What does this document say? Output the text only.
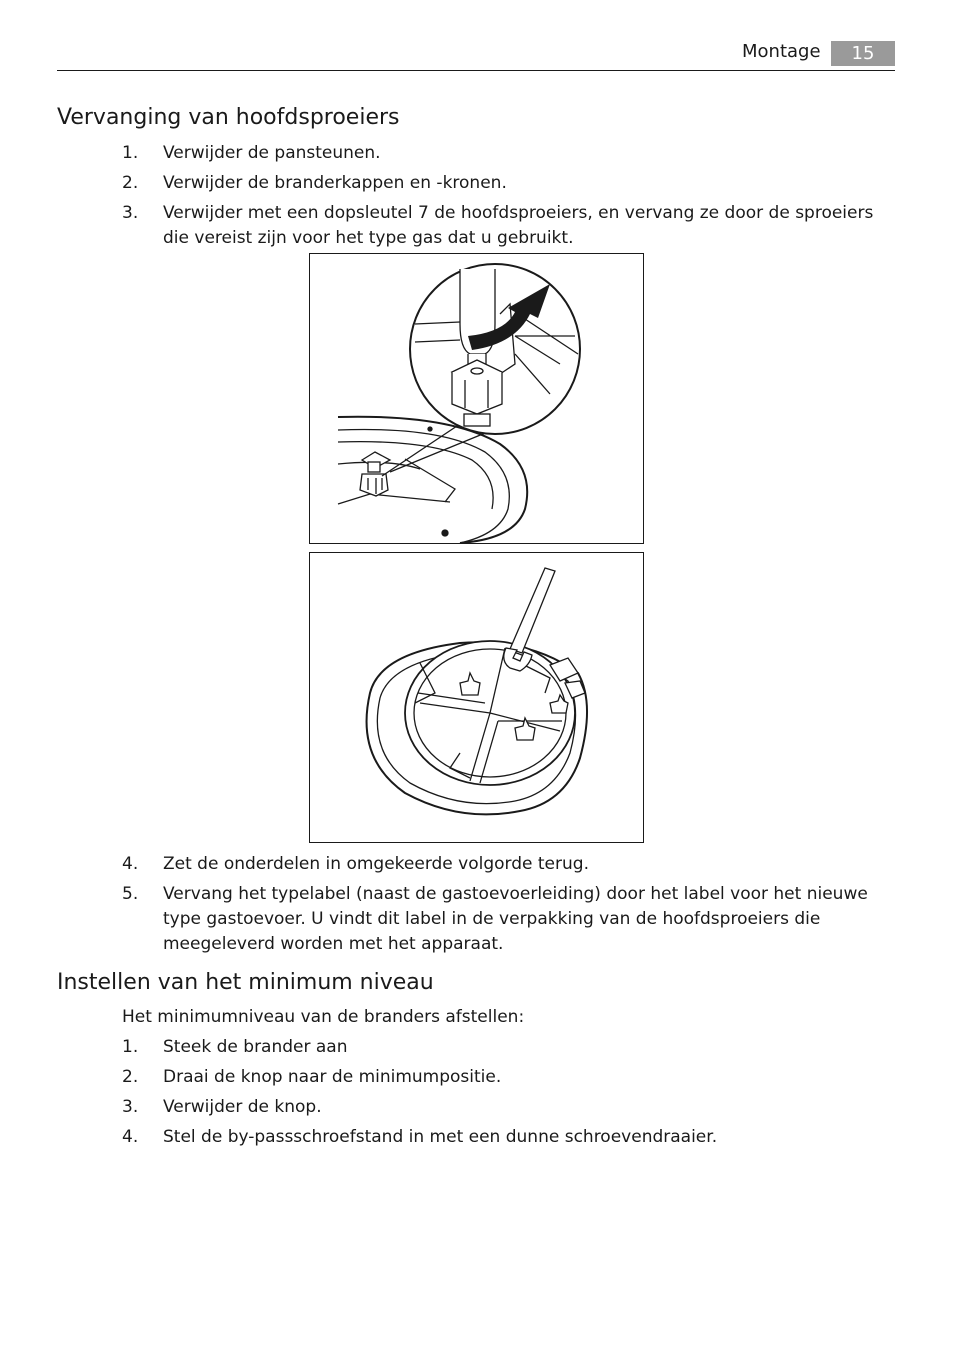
Montage	15
Vervanging van hoofdsproeiers
1. Verwijder de pansteunen.
2. Verwijder de branderkappen en -kronen.
3. Verwijder met een dopsleutel 7 de hoofdsproeiers, en vervang ze door de sproeiers die vereist zijn voor het type gas dat u gebruikt.
4. Zet de onderdelen in omgekeerde volgorde terug.
5. Vervang het typelabel (naast de gastoevoerleiding) door het label voor het nieuwe type gastoevoer. U vindt dit label in de verpakking van de hoofdsproeiers die meegeleverd worden met het apparaat.
Instellen van het minimum niveau
Het minimumniveau van de branders afstellen:
1. Steek de brander aan
2. Draai de knop naar de minimumpositie.
3. Verwijder de knop.
4. Stel de by-passschroefstand in met een dunne schroevendraaier.
